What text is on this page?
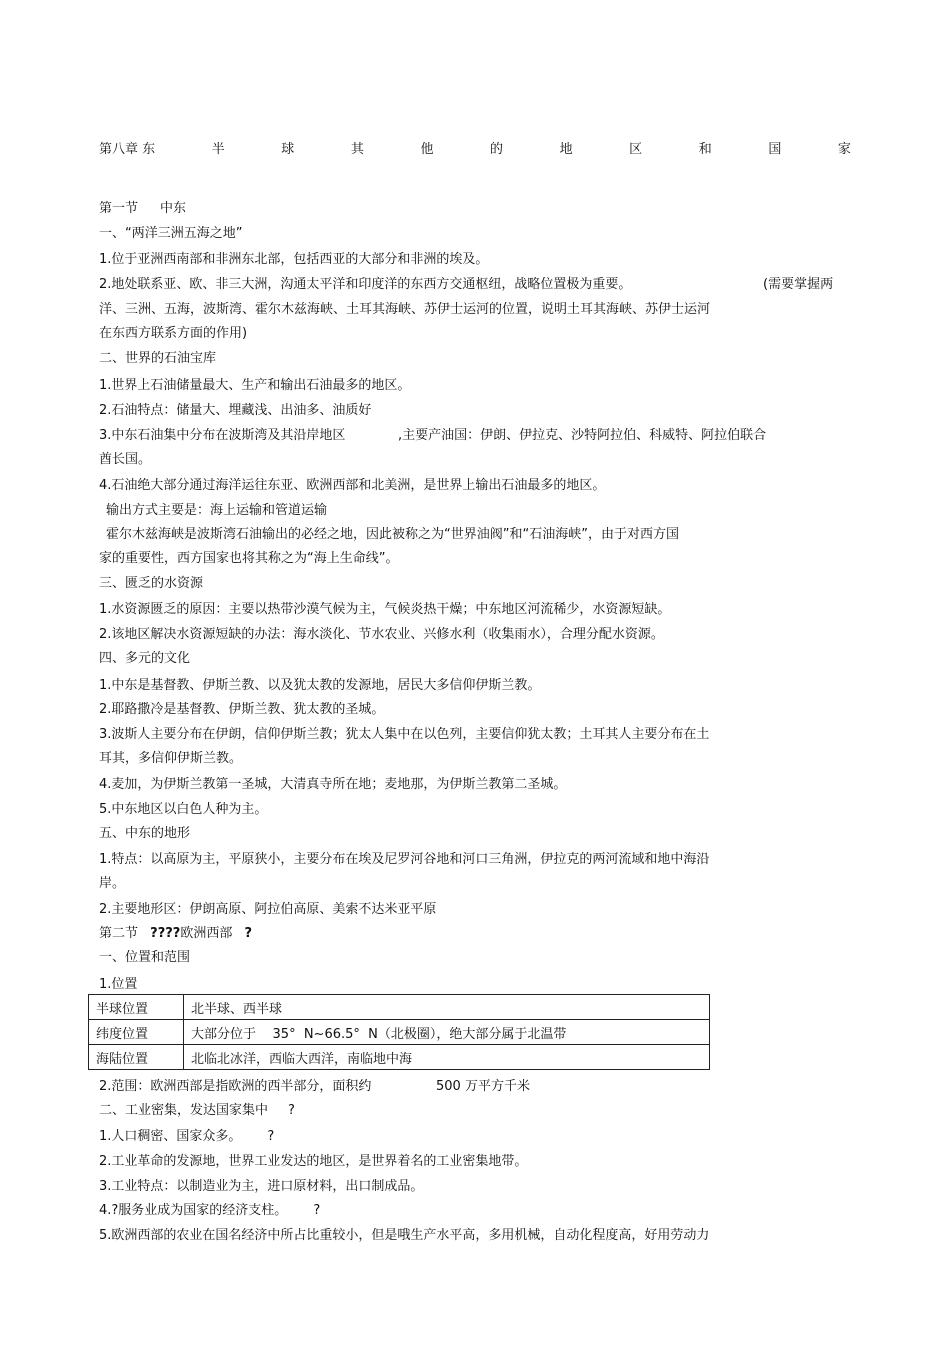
第八章 东	半	球	其	他	的	地	区	和	国	家
第一节 中东
一、“两洋三洲五海之地”
1.位于亚洲西南部和非洲东北部，包括西亚的大部分和非洲的埃及。
2.地处联系亚、欧、非三大洲，沟通太平洋和印度洋的东西方交通枢纽，战略位置极为重要。	(需要掌握两
洋、三洲、五海，波斯湾、霍尔木兹海峡、土耳其海峡、苏伊士运河的位置，说明土耳其海峡、苏伊士运河
在东西方联系方面的作用)
二、世界的石油宝库
1.世界上石油储量最大、生产和输出石油最多的地区。
2.石油特点：储量大、埋藏浅、出油多、油质好
3.中东石油集中分布在波斯湾及其沿岸地区	,主要产油国：伊朗、伊拉克、沙特阿拉伯、科威特、阿拉伯联合
酋长国。
4.石油绝大部分通过海洋运往东亚、欧洲西部和北美洲，是世界上输出石油最多的地区。
输出方式主要是：海上运输和管道运输
霍尔木兹海峡是波斯湾石油输出的必经之地，因此被称之为“世界油阀”和“石油海峡”，由于对西方国
家的重要性，西方国家也将其称之为“海上生命线”。
三、匮乏的水资源
1.水资源匮乏的原因：主要以热带沙漠气候为主，气候炎热干燥；中东地区河流稀少，水资源短缺。
2.该地区解决水资源短缺的办法：海水淡化、节水农业、兴修水利（收集雨水），合理分配水资源。
四、多元的文化
1.中东是基督教、伊斯兰教、以及犹太教的发源地，居民大多信仰伊斯兰教。
2.耶路撒冷是基督教、伊斯兰教、犹太教的圣城。
3.波斯人主要分布在伊朗，信仰伊斯兰教；犹太人集中在以色列，主要信仰犹太教；土耳其人主要分布在土
耳其，多信仰伊斯兰教。
4.麦加，为伊斯兰教第一圣城，大清真寺所在地；麦地那，为伊斯兰教第二圣城。
5.中东地区以白色人种为主。
五、中东的地形
1.特点：以高原为主，平原狭小，主要分布在埃及尼罗河谷地和河口三角洲，伊拉克的两河流域和地中海沿
岸。
2.主要地形区：伊朗高原、阿拉伯高原、美索不达米亚平原
第二节 ????欧洲西部 ?
一、位置和范围
1.位置
半球位置	北半球、西半球
纬度位置	大部分位于    35°  N~66.5°  N（北极圈），绝大部分属于北温带
海陆位置	北临北冰洋，西临大西洋，南临地中海
2.范围：欧洲西部是指欧洲的西半部分，面积约	500 万平方千米
二、工业密集，发达国家集中 ?
1.人口稠密、国家众多。 ?
2.工业革命的发源地，世界工业发达的地区，是世界着名的工业密集地带。
3.工业特点：以制造业为主，进口原材料，出口制成品。
4.?服务业成为国家的经济支柱。 ?
5.欧洲西部的农业在国名经济中所占比重较小，但是哦生产水平高，多用机械，自动化程度高，好用劳动力
